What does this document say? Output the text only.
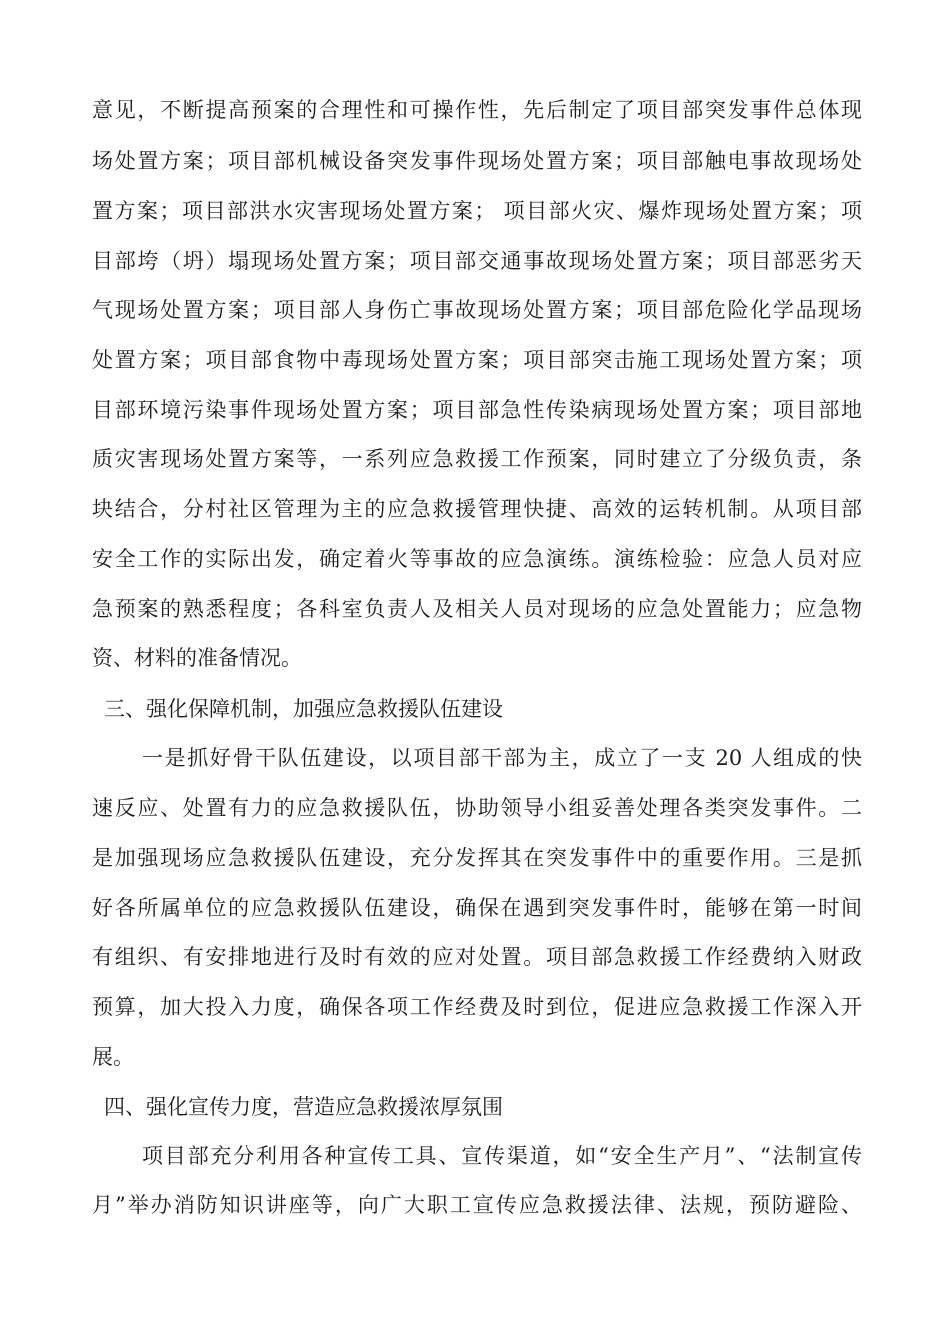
意见，不断提高预案的合理性和可操作性，先后制定了项目部突发事件总体现
场处置方案；项目部机械设备突发事件现场处置方案；项目部触电事故现场处
置方案；项目部洪水灾害现场处置方案； 项目部火灾、爆炸现场处置方案；项
目部垮（坍）塌现场处置方案；项目部交通事故现场处置方案；项目部恶劣天
气现场处置方案；项目部人身伤亡事故现场处置方案；项目部危险化学品现场
处置方案；项目部食物中毒现场处置方案；项目部突击施工现场处置方案；项
目部环境污染事件现场处置方案；项目部急性传染病现场处置方案；项目部地
质灾害现场处置方案等，一系列应急救援工作预案，同时建立了分级负责，条
块结合，分村社区管理为主的应急救援管理快捷、高效的运转机制。从项目部
安全工作的实际出发，确定着火等事故的应急演练。演练检验：应急人员对应
急预案的熟悉程度；各科室负责人及相关人员对现场的应急处置能力；应急物
资、材料的准备情况。
三、强化保障机制，加强应急救援队伍建设
一是抓好骨干队伍建设，以项目部干部为主，成立了一支 20 人组成的快
速反应、处置有力的应急救援队伍，协助领导小组妥善处理各类突发事件。二
是加强现场应急救援队伍建设，充分发挥其在突发事件中的重要作用。三是抓
好各所属单位的应急救援队伍建设，确保在遇到突发事件时，能够在第一时间
有组织、有安排地进行及时有效的应对处置。项目部急救援工作经费纳入财政
预算，加大投入力度，确保各项工作经费及时到位，促进应急救援工作深入开
展。
四、强化宣传力度，营造应急救援浓厚氛围
项目部充分利用各种宣传工具、宣传渠道，如“安全生产月”、“法制宣传
月”举办消防知识讲座等，向广大职工宣传应急救援法律、法规，预防避险、
